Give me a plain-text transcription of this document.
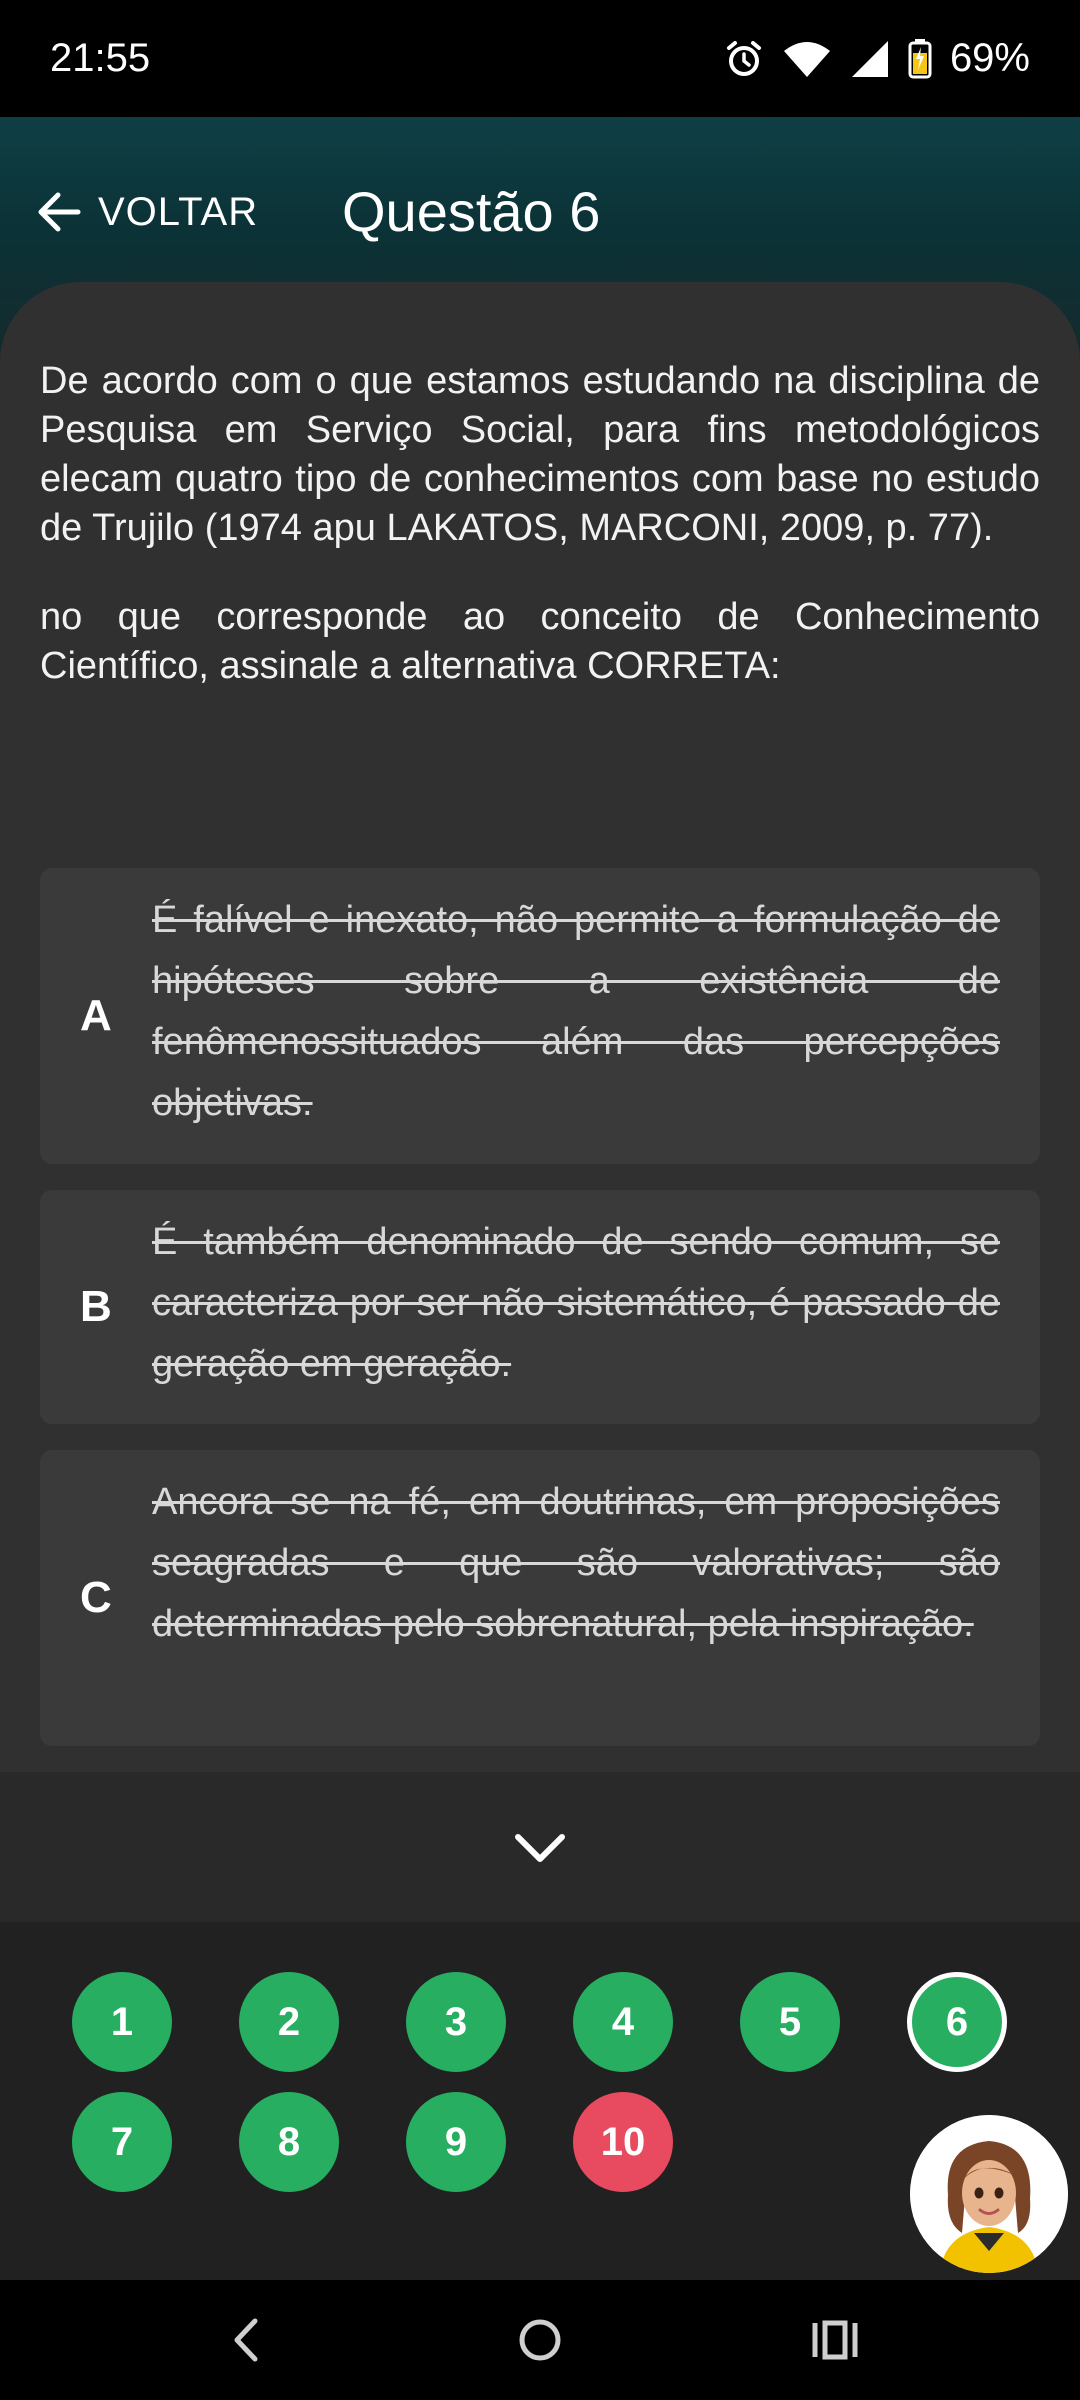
21:55	69%
VOLTAR Questão 6

De acordo com o que estamos estudando na disciplina de Pesquisa em Serviço Social, para fins metodológicos elecam quatro tipo de conhecimentos com base no estudo de Trujilo (1974 apu LAKATOS, MARCONI, 2009, p. 77).

no que corresponde ao conceito de Conhecimento Científico, assinale a alternativa CORRETA:

A
É falível e inexato, não permite a formulação de hipóteses sobre a existência de fenômenossituados além das percepções objetivas.
B
É também denominado de sendo comum, se caracteriza por ser não sistemático, é passado de geração em geração.
C
Ancora se na fé, em doutrinas, em proposições seagradas e que são valorativas; são determinadas pelo sobrenatural, pela inspiração.
1	2	3	4	5	6
7	8	9	10
